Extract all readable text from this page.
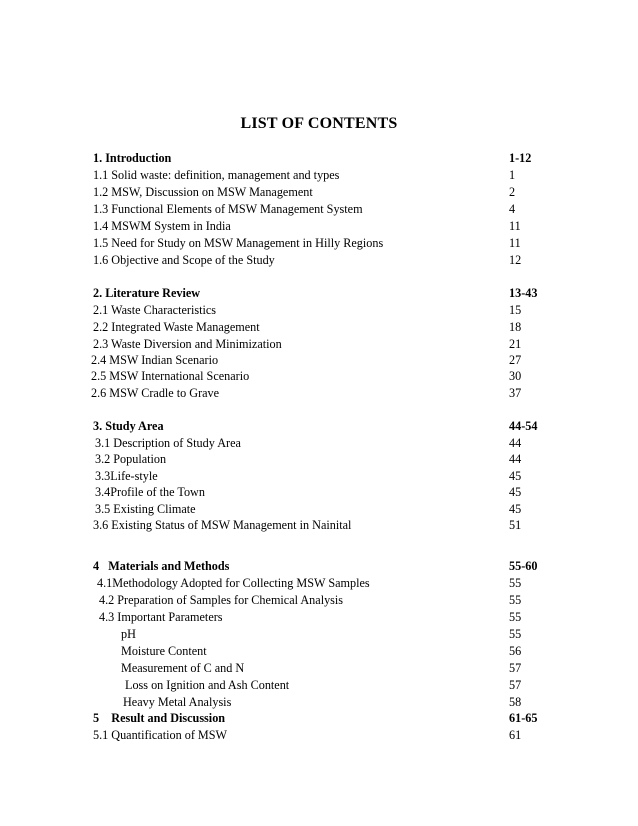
LIST OF CONTENTS
1. Introduction	1-12
1.1 Solid waste: definition, management and types	1
1.2 MSW, Discussion on MSW Management	2
1.3 Functional Elements of MSW Management System	4
1.4 MSWM System in India	11
1.5 Need for Study on MSW Management in Hilly Regions	11
1.6 Objective and Scope of the Study	12
2. Literature Review	13-43
2.1 Waste Characteristics	15
2.2 Integrated Waste Management	18
2.3 Waste Diversion and Minimization	21
2.4 MSW Indian Scenario	27
2.5 MSW International Scenario	30
2.6 MSW Cradle to Grave	37
3. Study Area	44-54
3.1 Description of Study Area	44
3.2 Population	44
3.3Life-style	45
3.4Profile of the Town	45
3.5 Existing Climate	45
3.6 Existing Status of MSW Management in Nainital	51
4   Materials and Methods	55-60
4.1Methodology Adopted for Collecting MSW Samples	55
4.2 Preparation of Samples for Chemical Analysis	55
4.3 Important Parameters	55
pH	55
Moisture Content	56
Measurement of C and N	57
Loss on Ignition and Ash Content	57
Heavy Metal Analysis	58
5    Result and Discussion	61-65
5.1 Quantification of MSW	61
